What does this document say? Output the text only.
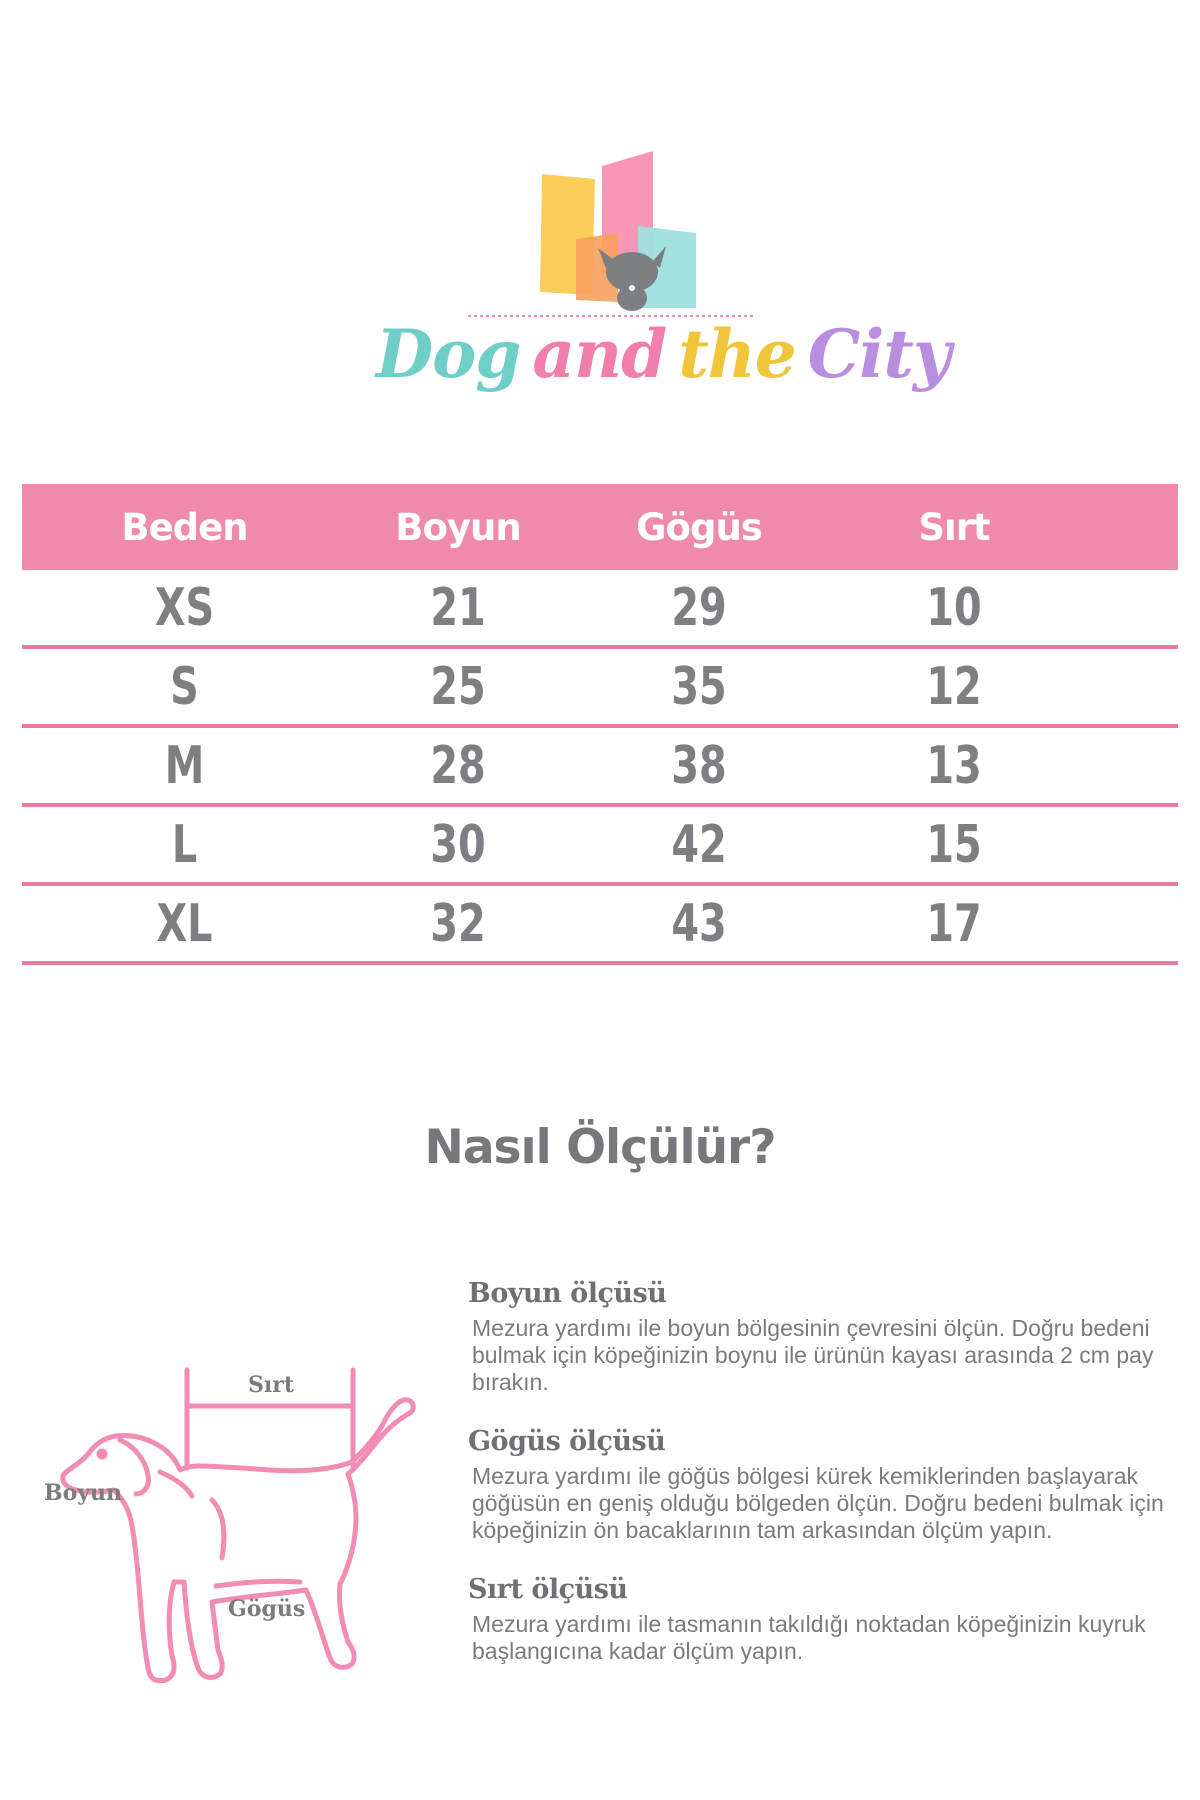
Dog and the City
Beden	Boyun	Gögüs	Sırt
XS	21	29	10
S	25	35	12
M	28	38	13
L	30	42	15
XL	32	43	17
Nasıl Ölçülür?
Sırt
Boyun
Gögüs
Boyun ölçüsü
Mezura yardımı ile boyun bölgesinin çevresini ölçün. Doğru bedeni bulmak için köpeğinizin boynu ile ürünün kayası arasında 2 cm pay bırakın.
Gögüs ölçüsü
Mezura yardımı ile göğüs bölgesi kürek kemiklerinden başlayarak göğüsün en geniş olduğu bölgeden ölçün. Doğru bedeni bulmak için köpeğinizin ön bacaklarının tam arkasından ölçüm yapın.
Sırt ölçüsü
Mezura yardımı ile tasmanın takıldığı noktadan köpeğinizin kuyruk başlangıcına kadar ölçüm yapın.
